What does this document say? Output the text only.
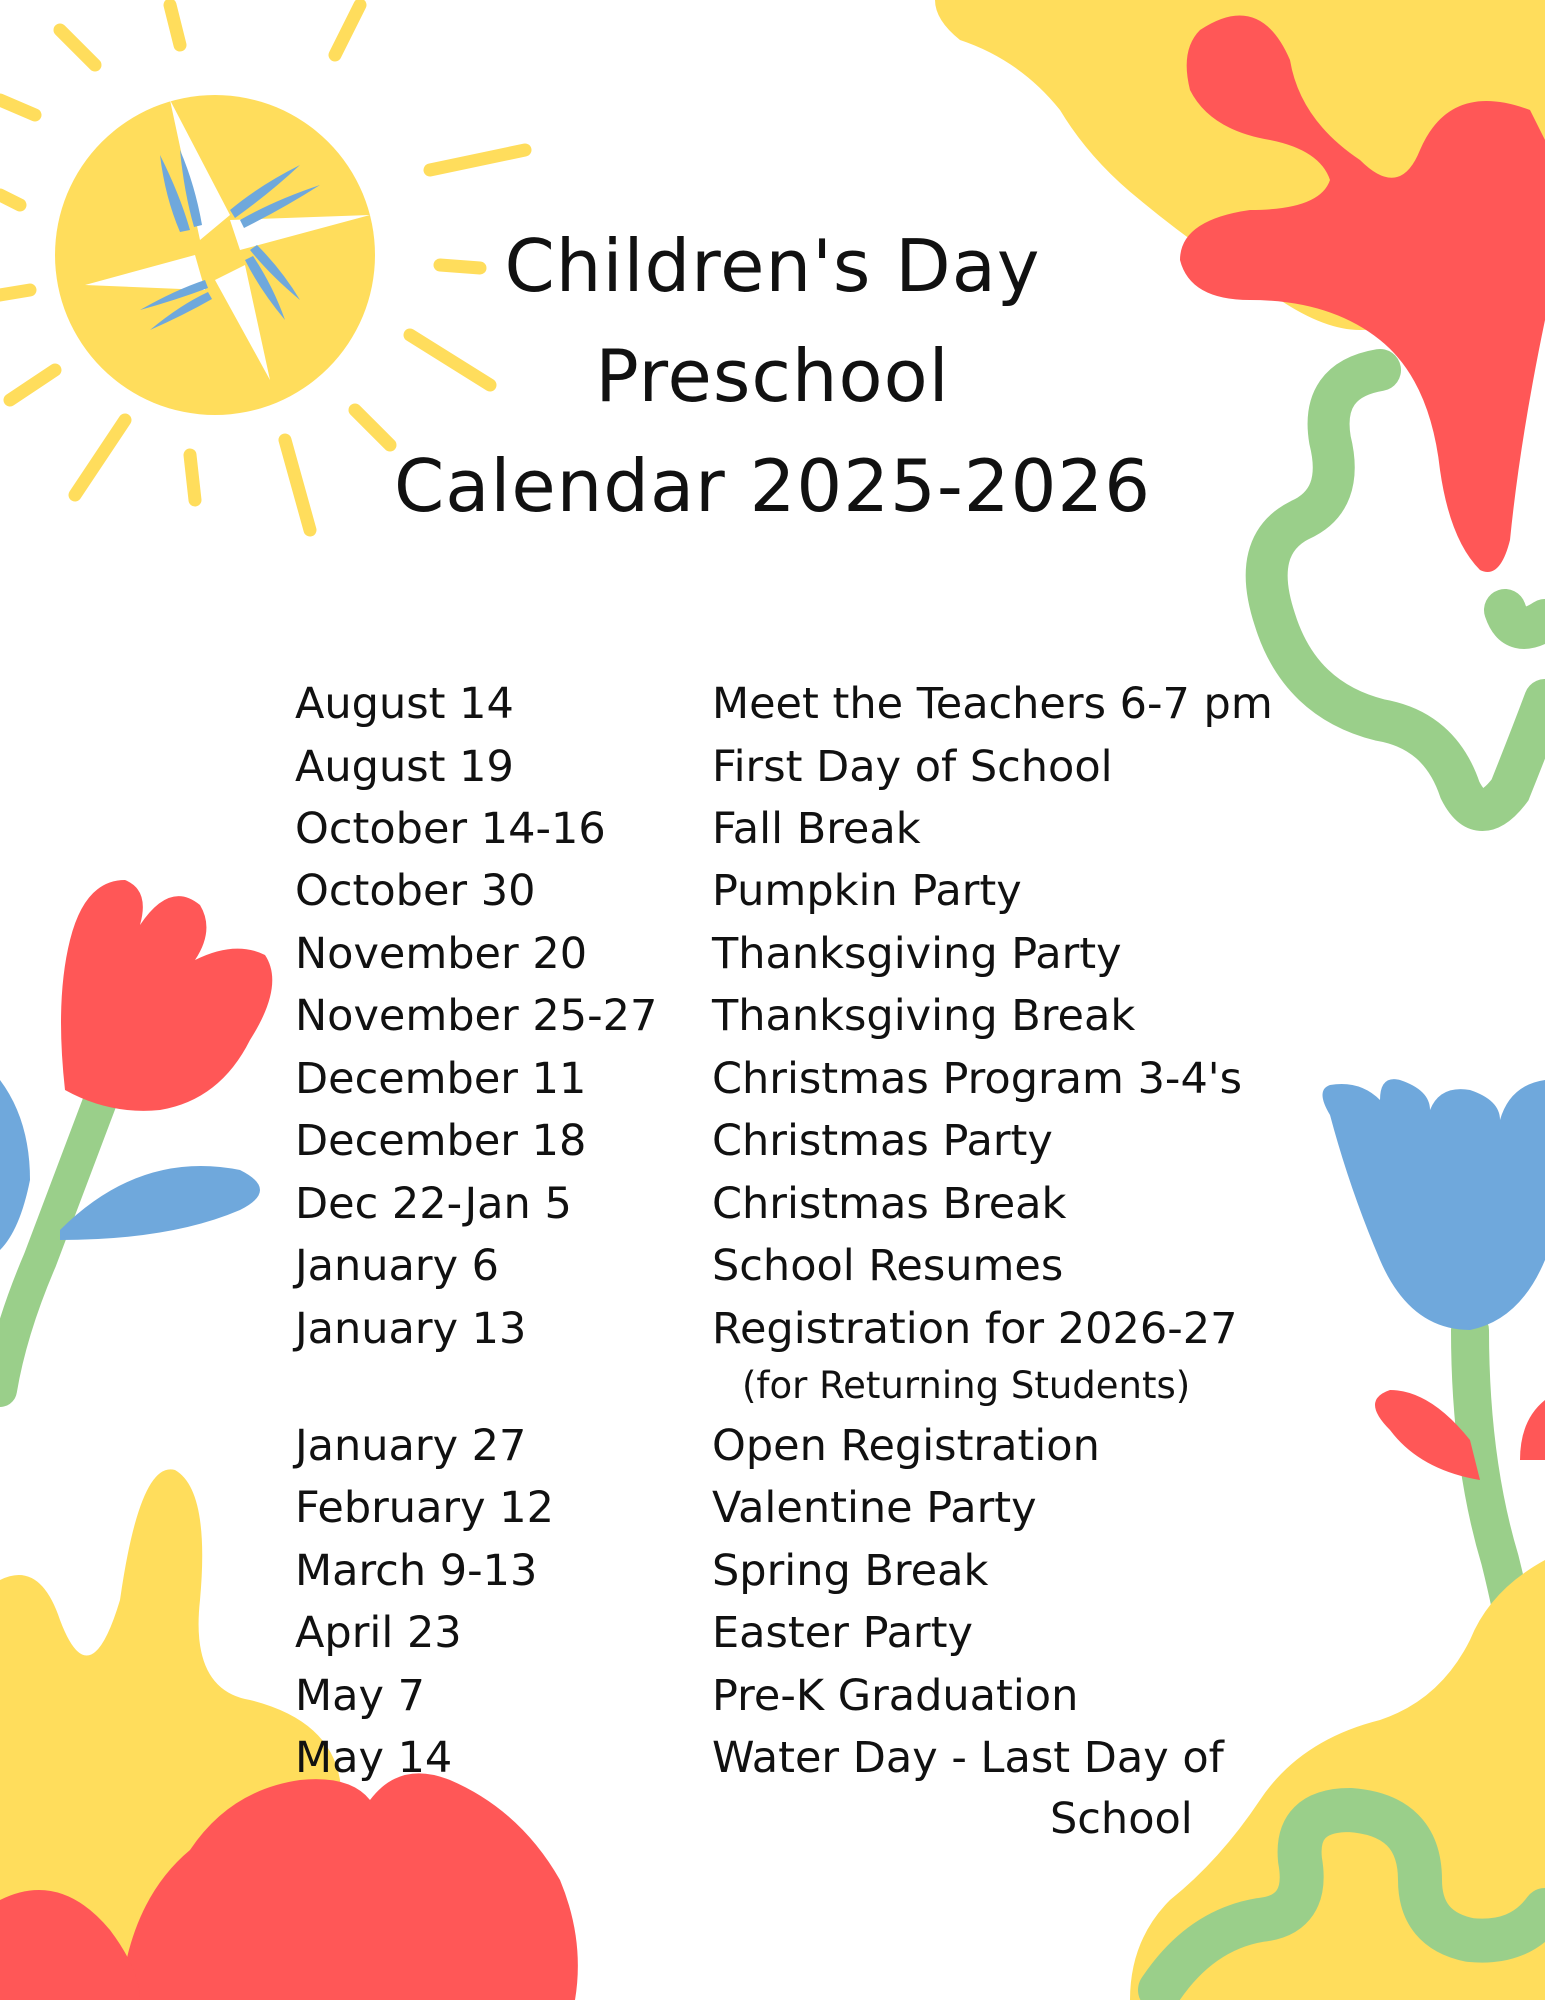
Children's Day
Preschool
Calendar 2025-2026
August 14	Meet the Teachers 6-7 pm
August 19	First Day of School
October 14-16 Fall Break
October 30	Pumpkin Party
November 20	Thanksgiving Party
November 25-27 Thanksgiving Break
December 11	Christmas Program 3-4's
December 18	Christmas Party
Dec 22-Jan 5	Christmas Break
January 6	School Resumes
January 13	Registration for 2026-27
(for Returning Students)
January 27	Open Registration
February 12	Valentine Party
March 9-13	Spring Break
April 23	Easter Party
May 7	Pre-K Graduation
May 14	Water Day - Last Day of
School
